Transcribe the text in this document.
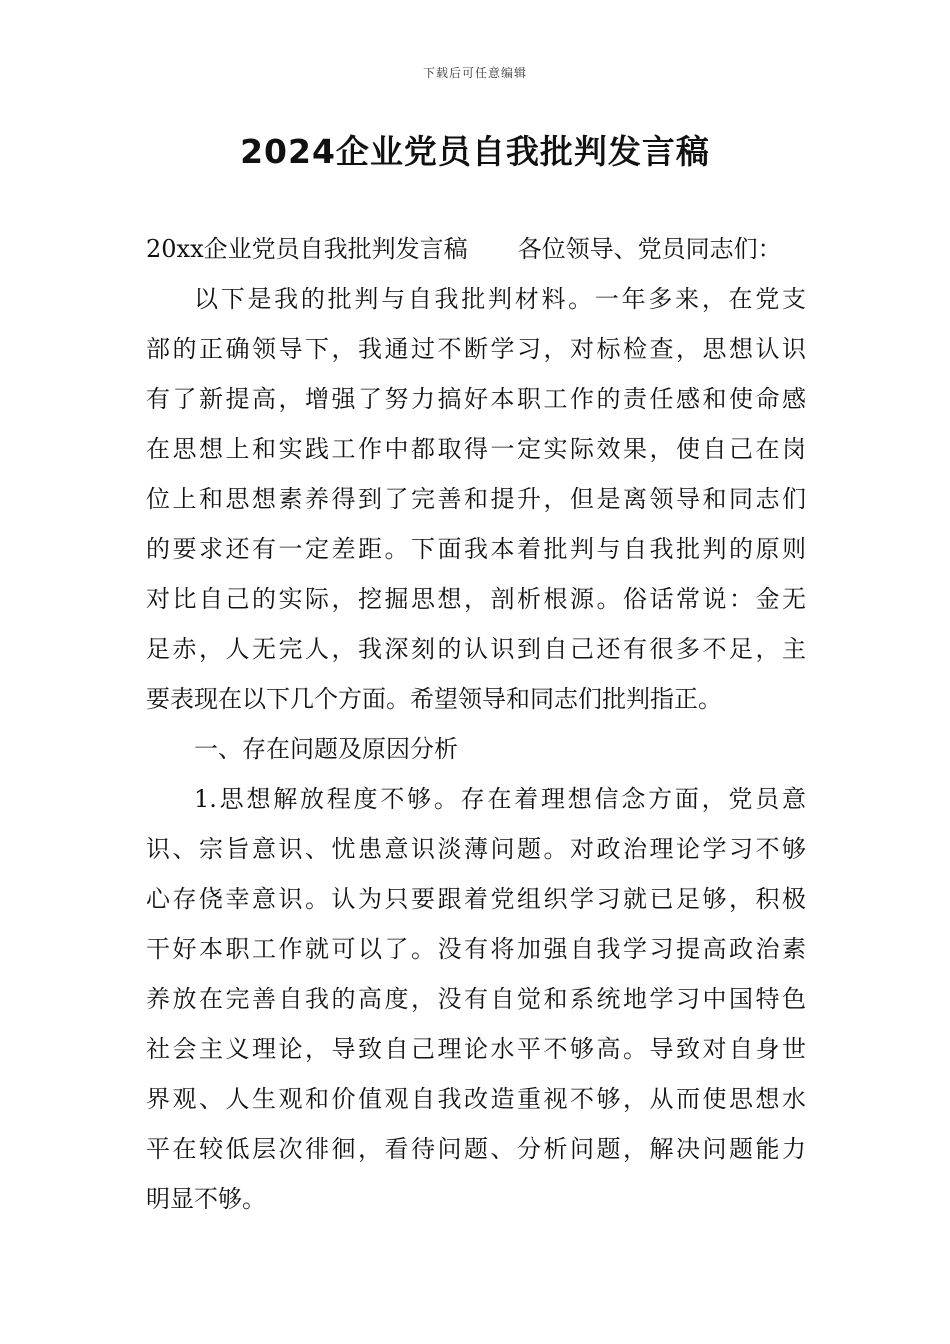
下载后可任意编辑
2024企业党员自我批判发言稿
20xx企业党员自我批判发言稿 各位领导、党员同志们：
以下是我的批判与自我批判材料。一年多来，在党支
部的正确领导下，我通过不断学习，对标检查，思想认识
有了新提高，增强了努力搞好本职工作的责任感和使命感
在思想上和实践工作中都取得一定实际效果，使自己在岗
位上和思想素养得到了完善和提升，但是离领导和同志们
的要求还有一定差距。下面我本着批判与自我批判的原则
对比自己的实际，挖掘思想，剖析根源。俗话常说：金无
足赤，人无完人，我深刻的认识到自己还有很多不足，主
要表现在以下几个方面。希望领导和同志们批判指正。
一、存在问题及原因分析
1.思想解放程度不够。存在着理想信念方面，党员意
识、宗旨意识、忧患意识淡薄问题。对政治理论学习不够
心存侥幸意识。认为只要跟着党组织学习就已足够，积极
干好本职工作就可以了。没有将加强自我学习提高政治素
养放在完善自我的高度，没有自觉和系统地学习中国特色
社会主义理论，导致自己理论水平不够高。导致对自身世
界观、人生观和价值观自我改造重视不够，从而使思想水
平在较低层次徘徊，看待问题、分析问题，解决问题能力
明显不够。
